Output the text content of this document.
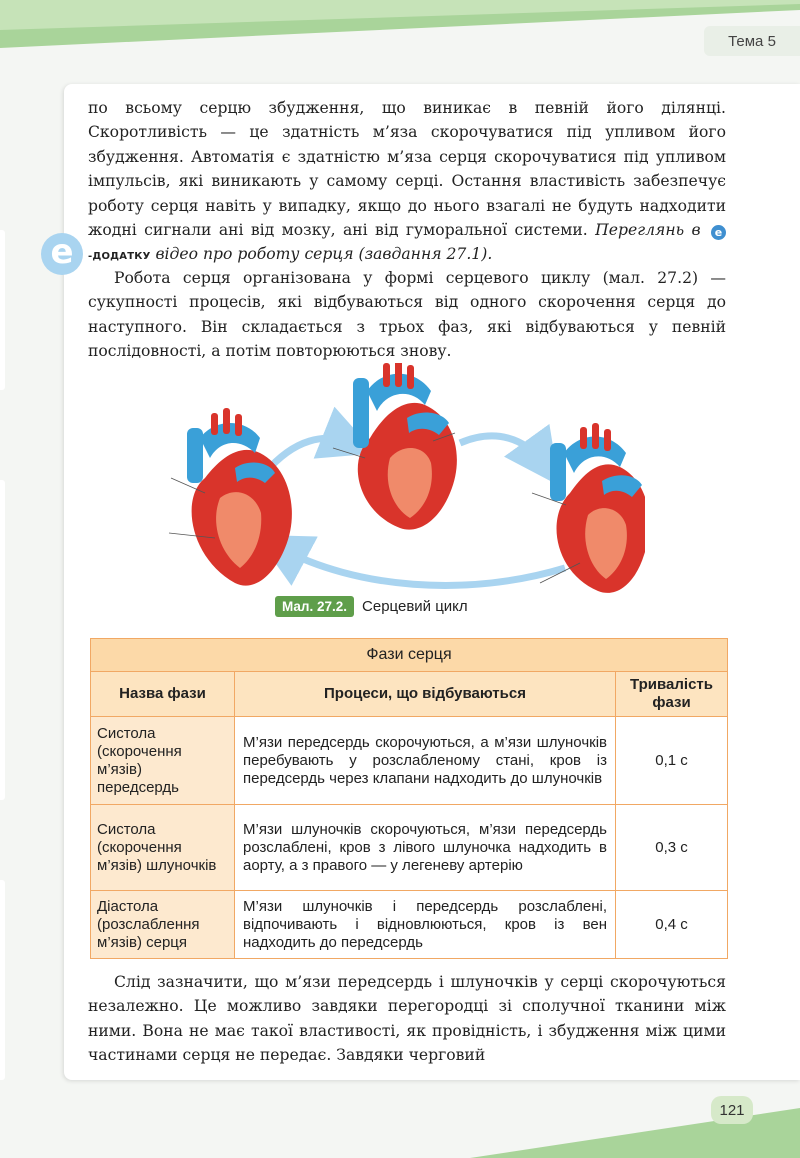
Тема 5
е

по всьому серцю збудження, що виникає в певній його ділянці. Скоротливість — це здатність м’яза скорочуватися під упливом його збудження. Автоматія є здатністю м’яза серця скорочуватися під упливом імпульсів, які виникають у самому серці. Остання властивість забезпечує роботу серця навіть у випадку, якщо до нього взагалі не будуть надходити жодні сигнали ані від мозку, ані від гуморальної системи. Переглянь в е-ДОДАТКУ відео про роботу серця (завдання 27.1).

Робота серця організована у формі серцевого циклу (мал. 27.2) — сукупності процесів, які відбуваються від одного скорочення серця до наступного. Він складається з трьох фаз, які відбуваються у певній послідовності, а потім повторюються знову.

Мал. 27.2.	Серцевий цикл
Фази серця		
Назва фази	Процеси, що відбуваються	Тривалість фази
Систола (скорочення м’язів) передсердь	М’язи передсердь скорочуються, а м’язи шлуночків перебувають у розслабленому стані, кров із передсердь через клапани надходить до шлуночків	0,1 с
Систола (скорочення м’язів) шлуночків	М’язи шлуночків скорочуються, м’язи передсердь розслаблені, кров з лівого шлуночка надходить в аорту, а з правого — у легеневу артерію	0,3 с
Діастола (розслаблення м’язів) серця	М’язи шлуночків і передсердь розслаблені, відпочивають і відновлюються, кров із вен надходить до передсердь	0,4 с

Слід зазначити, що м’язи передсердь і шлуночків у серці скорочуються незалежно. Це можливо завдяки перегородці зі сполучної тканини між ними. Вона не має такої властивості, як провідність, і збудження між цими частинами серця не передає. Завдяки черговий

121
